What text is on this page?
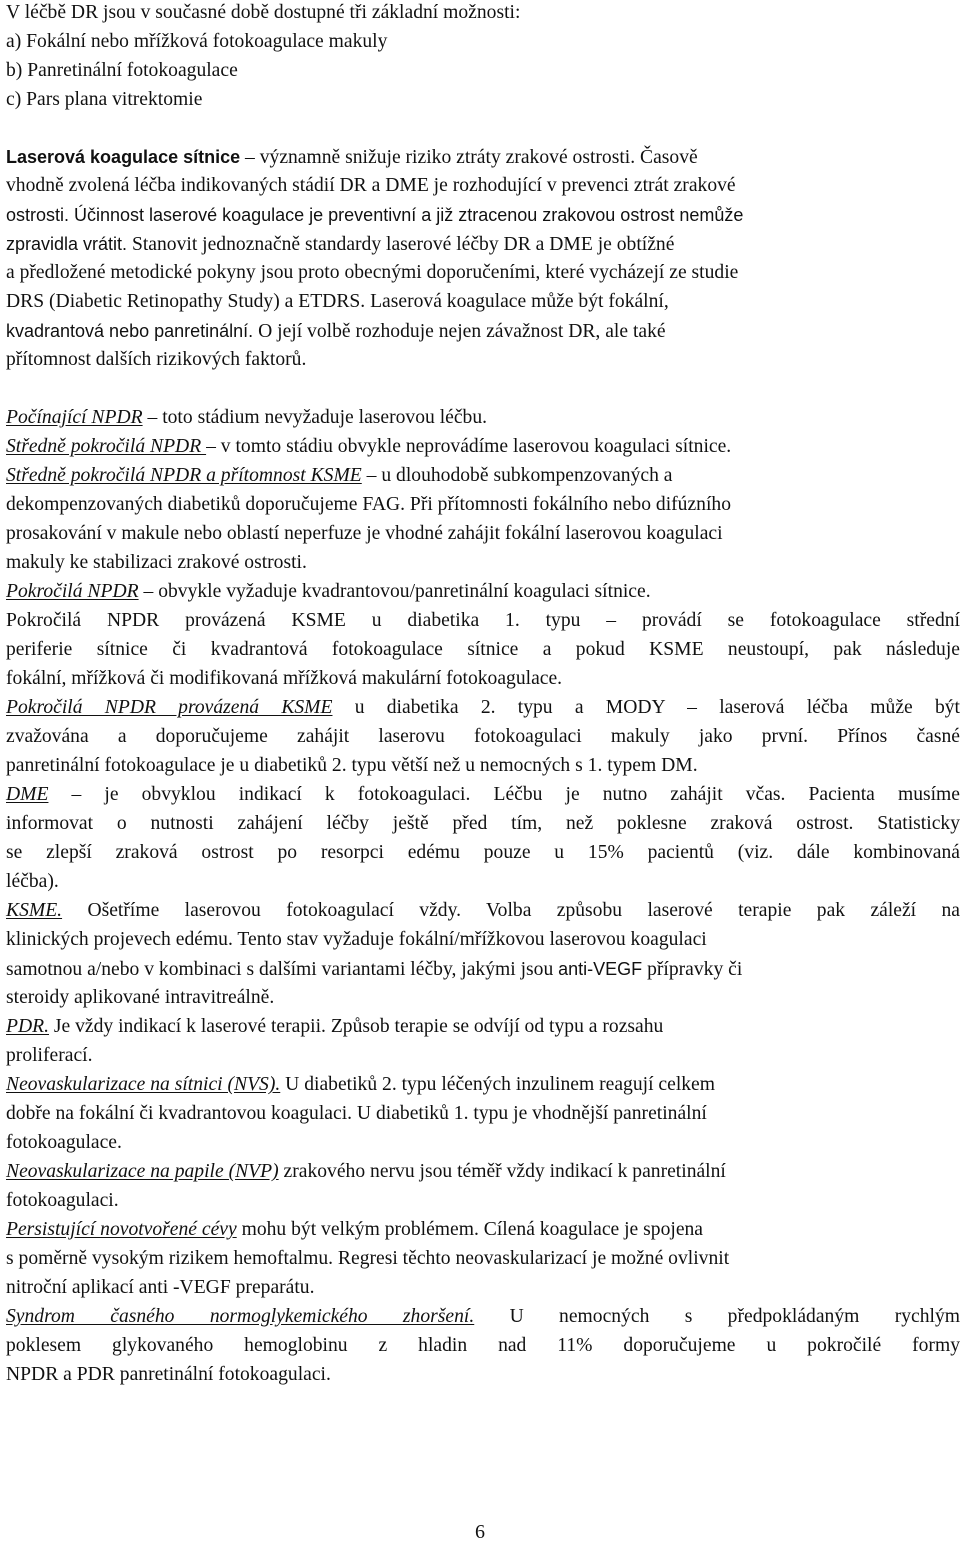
V léčbě DR jsou v současné době dostupné tři základní možnosti:
a) Fokální nebo mřížková fotokoagulace makuly
b) Panretinální fotokoagulace
c) Pars plana vitrektomie
Laserová koagulace sítnice – významně snižuje riziko ztráty zrakové ostrosti. Časově
vhodně zvolená léčba indikovaných stádií DR a DME je rozhodující v prevenci ztrát zrakové
ostrosti. Účinnost laserové koagulace je preventivní a již ztracenou zrakovou ostrost nemůže
zpravidla vrátit. Stanovit jednoznačně standardy laserové léčby DR a DME je obtížné
a předložené metodické pokyny jsou proto obecnými doporučeními, které vycházejí ze studie
DRS (Diabetic Retinopathy Study) a ETDRS. Laserová koagulace může být fokální,
kvadrantová nebo panretinální. O její volbě rozhoduje nejen závažnost DR, ale také
přítomnost dalších rizikových faktorů.
Počínající NPDR – toto stádium nevyžaduje laserovou léčbu.
Středně pokročilá NPDR – v tomto stádiu obvykle neprovádíme laserovou koagulaci sítnice.
Středně pokročilá NPDR a přítomnost KSME – u dlouhodobě subkompenzovaných a
dekompenzovaných diabetiků doporučujeme FAG. Při přítomnosti fokálního nebo difúzního
prosakování v makule nebo oblastí neperfuze je vhodné zahájit fokální laserovou koagulaci
makuly ke stabilizaci zrakové ostrosti.
Pokročilá NPDR – obvykle vyžaduje kvadrantovou/panretinální koagulaci sítnice.
Pokročilá NPDR provázená KSME u diabetika 1. typu – provádí se fotokoagulace střední
periferie sítnice či kvadrantová fotokoagulace sítnice a pokud KSME neustoupí, pak následuje
fokální, mřížková či modifikovaná mřížková makulární fotokoagulace.
Pokročilá NPDR provázená KSME u diabetika 2. typu a MODY – laserová léčba může být
zvažována a doporučujeme zahájit laserovu fotokoagulaci makuly jako první. Přínos časné
panretinální fotokoagulace je u diabetiků 2. typu větší než u nemocných s 1. typem DM.
DME – je obvyklou indikací k fotokoagulaci. Léčbu je nutno zahájit včas. Pacienta musíme
informovat o nutnosti zahájení léčby ještě před tím, než poklesne zraková ostrost. Statisticky
se zlepší zraková ostrost po resorpci edému pouze u 15% pacientů (viz. dále kombinovaná
léčba).
KSME. Ošetříme laserovou fotokoagulací vždy. Volba způsobu laserové terapie pak záleží na
klinických projevech edému. Tento stav vyžaduje fokální/mřížkovou laserovou koagulaci
samotnou a/nebo v kombinaci s dalšími variantami léčby, jakými jsou anti-VEGF přípravky či
steroidy aplikované intravitreálně.
PDR. Je vždy indikací k laserové terapii. Způsob terapie se odvíjí od typu a rozsahu
proliferací.
Neovaskularizace na sítnici (NVS). U diabetiků 2. typu léčených inzulinem reagují celkem
dobře na fokální či kvadrantovou koagulaci. U diabetiků 1. typu je vhodnější panretinální
fotokoagulace.
Neovaskularizace na papile (NVP) zrakového nervu jsou téměř vždy indikací k panretinální
fotokoagulaci.
Persistující novotvořené cévy mohu být velkým problémem. Cílená koagulace je spojena
s poměrně vysokým rizikem hemoftalmu. Regresi těchto neovaskularizací je možné ovlivnit
nitroční aplikací anti -VEGF preparátu.
Syndrom časného normoglykemického zhoršení. U nemocných s předpokládaným rychlým
poklesem glykovaného hemoglobinu z hladin nad 11% doporučujeme u pokročilé formy
NPDR a PDR panretinální fotokoagulaci.
6
